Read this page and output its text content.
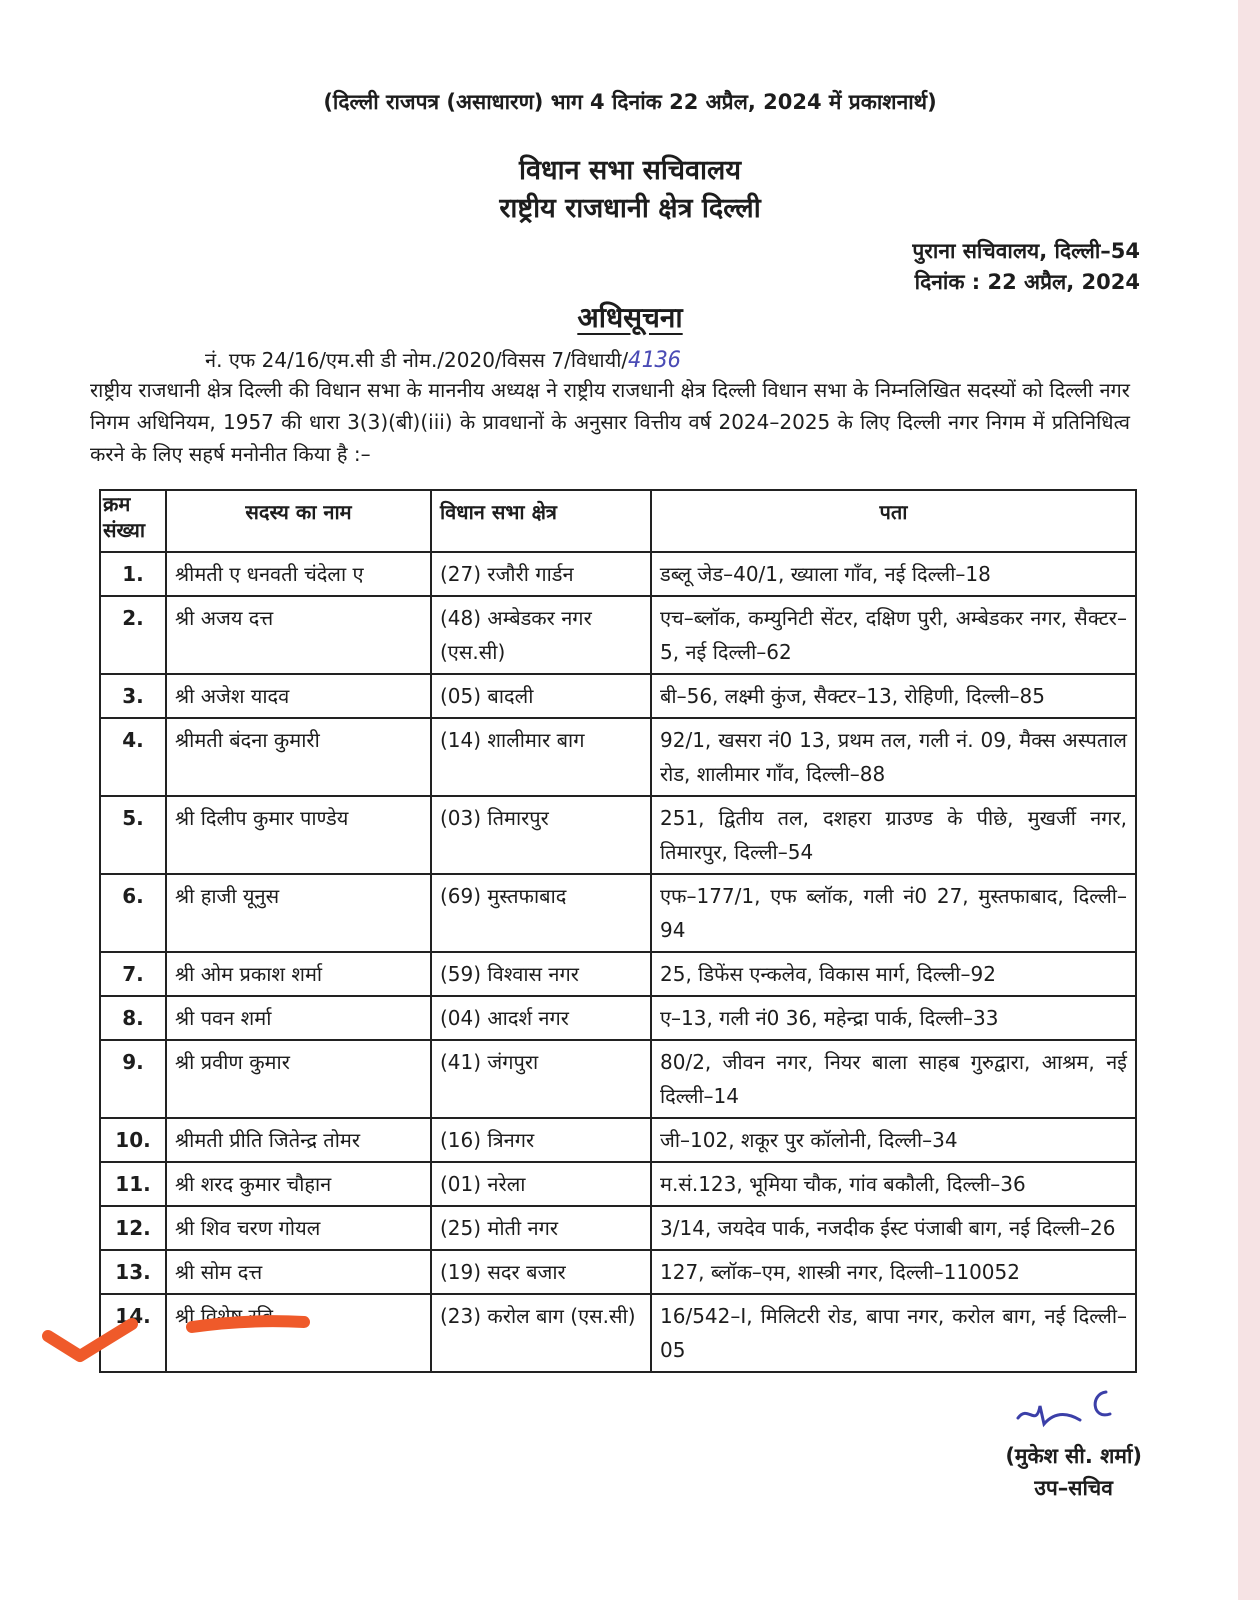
(दिल्ली राजपत्र (असाधारण) भाग 4 दिनांक 22 अप्रैल, 2024 में प्रकाशनार्थ)
विधान सभा सचिवालय
राष्ट्रीय राजधानी क्षेत्र दिल्ली
पुराना सचिवालय, दिल्ली–54
दिनांक : 22 अप्रैल, 2024
अधिसूचना
नं. एफ 24/16/एम.सी डी नोम./2020/विसस 7/विधायी/4136
राष्ट्रीय राजधानी क्षेत्र दिल्ली की विधान सभा के माननीय अध्यक्ष ने राष्ट्रीय राजधानी क्षेत्र दिल्ली विधान सभा के निम्नलिखित सदस्यों को दिल्ली नगर निगम अधिनियम, 1957 की धारा 3(3)(बी)(iii) के प्रावधानों के अनुसार वित्तीय वर्ष 2024–2025 के लिए दिल्ली नगर निगम में प्रतिनिधित्व करने के लिए सहर्ष मनोनीत किया है :–
क्रम
संख्या	सदस्य का नाम	विधान सभा क्षेत्र	पता
1.	श्रीमती ए धनवती चंदेला ए	(27) रजौरी गार्डन	डब्लू जेड–40/1, ख्याला गाँव, नई दिल्ली–18
2.	श्री अजय दत्त	(48) अम्बेडकर नगर (एस.सी)	एच–ब्लॉक, कम्युनिटी सेंटर, दक्षिण पुरी, अम्बेडकर नगर, सैक्टर–5, नई दिल्ली–62
3.	श्री अजेश यादव	(05) बादली	बी–56, लक्ष्मी कुंज, सैक्टर–13, रोहिणी, दिल्ली–85
4.	श्रीमती बंदना कुमारी	(14) शालीमार बाग	92/1, खसरा नं0 13, प्रथम तल, गली नं. 09, मैक्स अस्पताल रोड, शालीमार गाँव, दिल्ली–88
5.	श्री दिलीप कुमार पाण्डेय	(03) तिमारपुर	251, द्वितीय तल, दशहरा ग्राउण्ड के पीछे, मुखर्जी नगर, तिमारपुर, दिल्ली–54
6.	श्री हाजी यूनुस	(69) मुस्तफाबाद	एफ–177/1, एफ ब्लॉक, गली नं0 27, मुस्तफाबाद, दिल्ली–94
7.	श्री ओम प्रकाश शर्मा	(59) विश्वास नगर	25, डिफेंस एन्कलेव, विकास मार्ग, दिल्ली–92
8.	श्री पवन शर्मा	(04) आदर्श नगर	ए–13, गली नं0 36, महेन्द्रा पार्क, दिल्ली–33
9.	श्री प्रवीण कुमार	(41) जंगपुरा	80/2, जीवन नगर, नियर बाला साहब गुरुद्वारा, आश्रम, नई दिल्ली–14
10.	श्रीमती प्रीति जितेन्द्र तोमर	(16) त्रिनगर	जी–102, शकूर पुर कॉलोनी, दिल्ली–34
11.	श्री शरद कुमार चौहान	(01) नरेला	म.सं.123, भूमिया चौक, गांव बकौली, दिल्ली–36
12.	श्री शिव चरण गोयल	(25) मोती नगर	3/14, जयदेव पार्क, नजदीक ईस्ट पंजाबी बाग, नई दिल्ली–26
13.	श्री सोम दत्त	(19) सदर बजार	127, ब्लॉक–एम, शास्त्री नगर, दिल्ली–110052
14.	श्री विशेष रवि	(23) करोल बाग (एस.सी)	16/542–I, मिलिटरी रोड, बापा नगर, करोल बाग, नई दिल्ली–05
(मुकेश सी. शर्मा)
उप–सचिव
